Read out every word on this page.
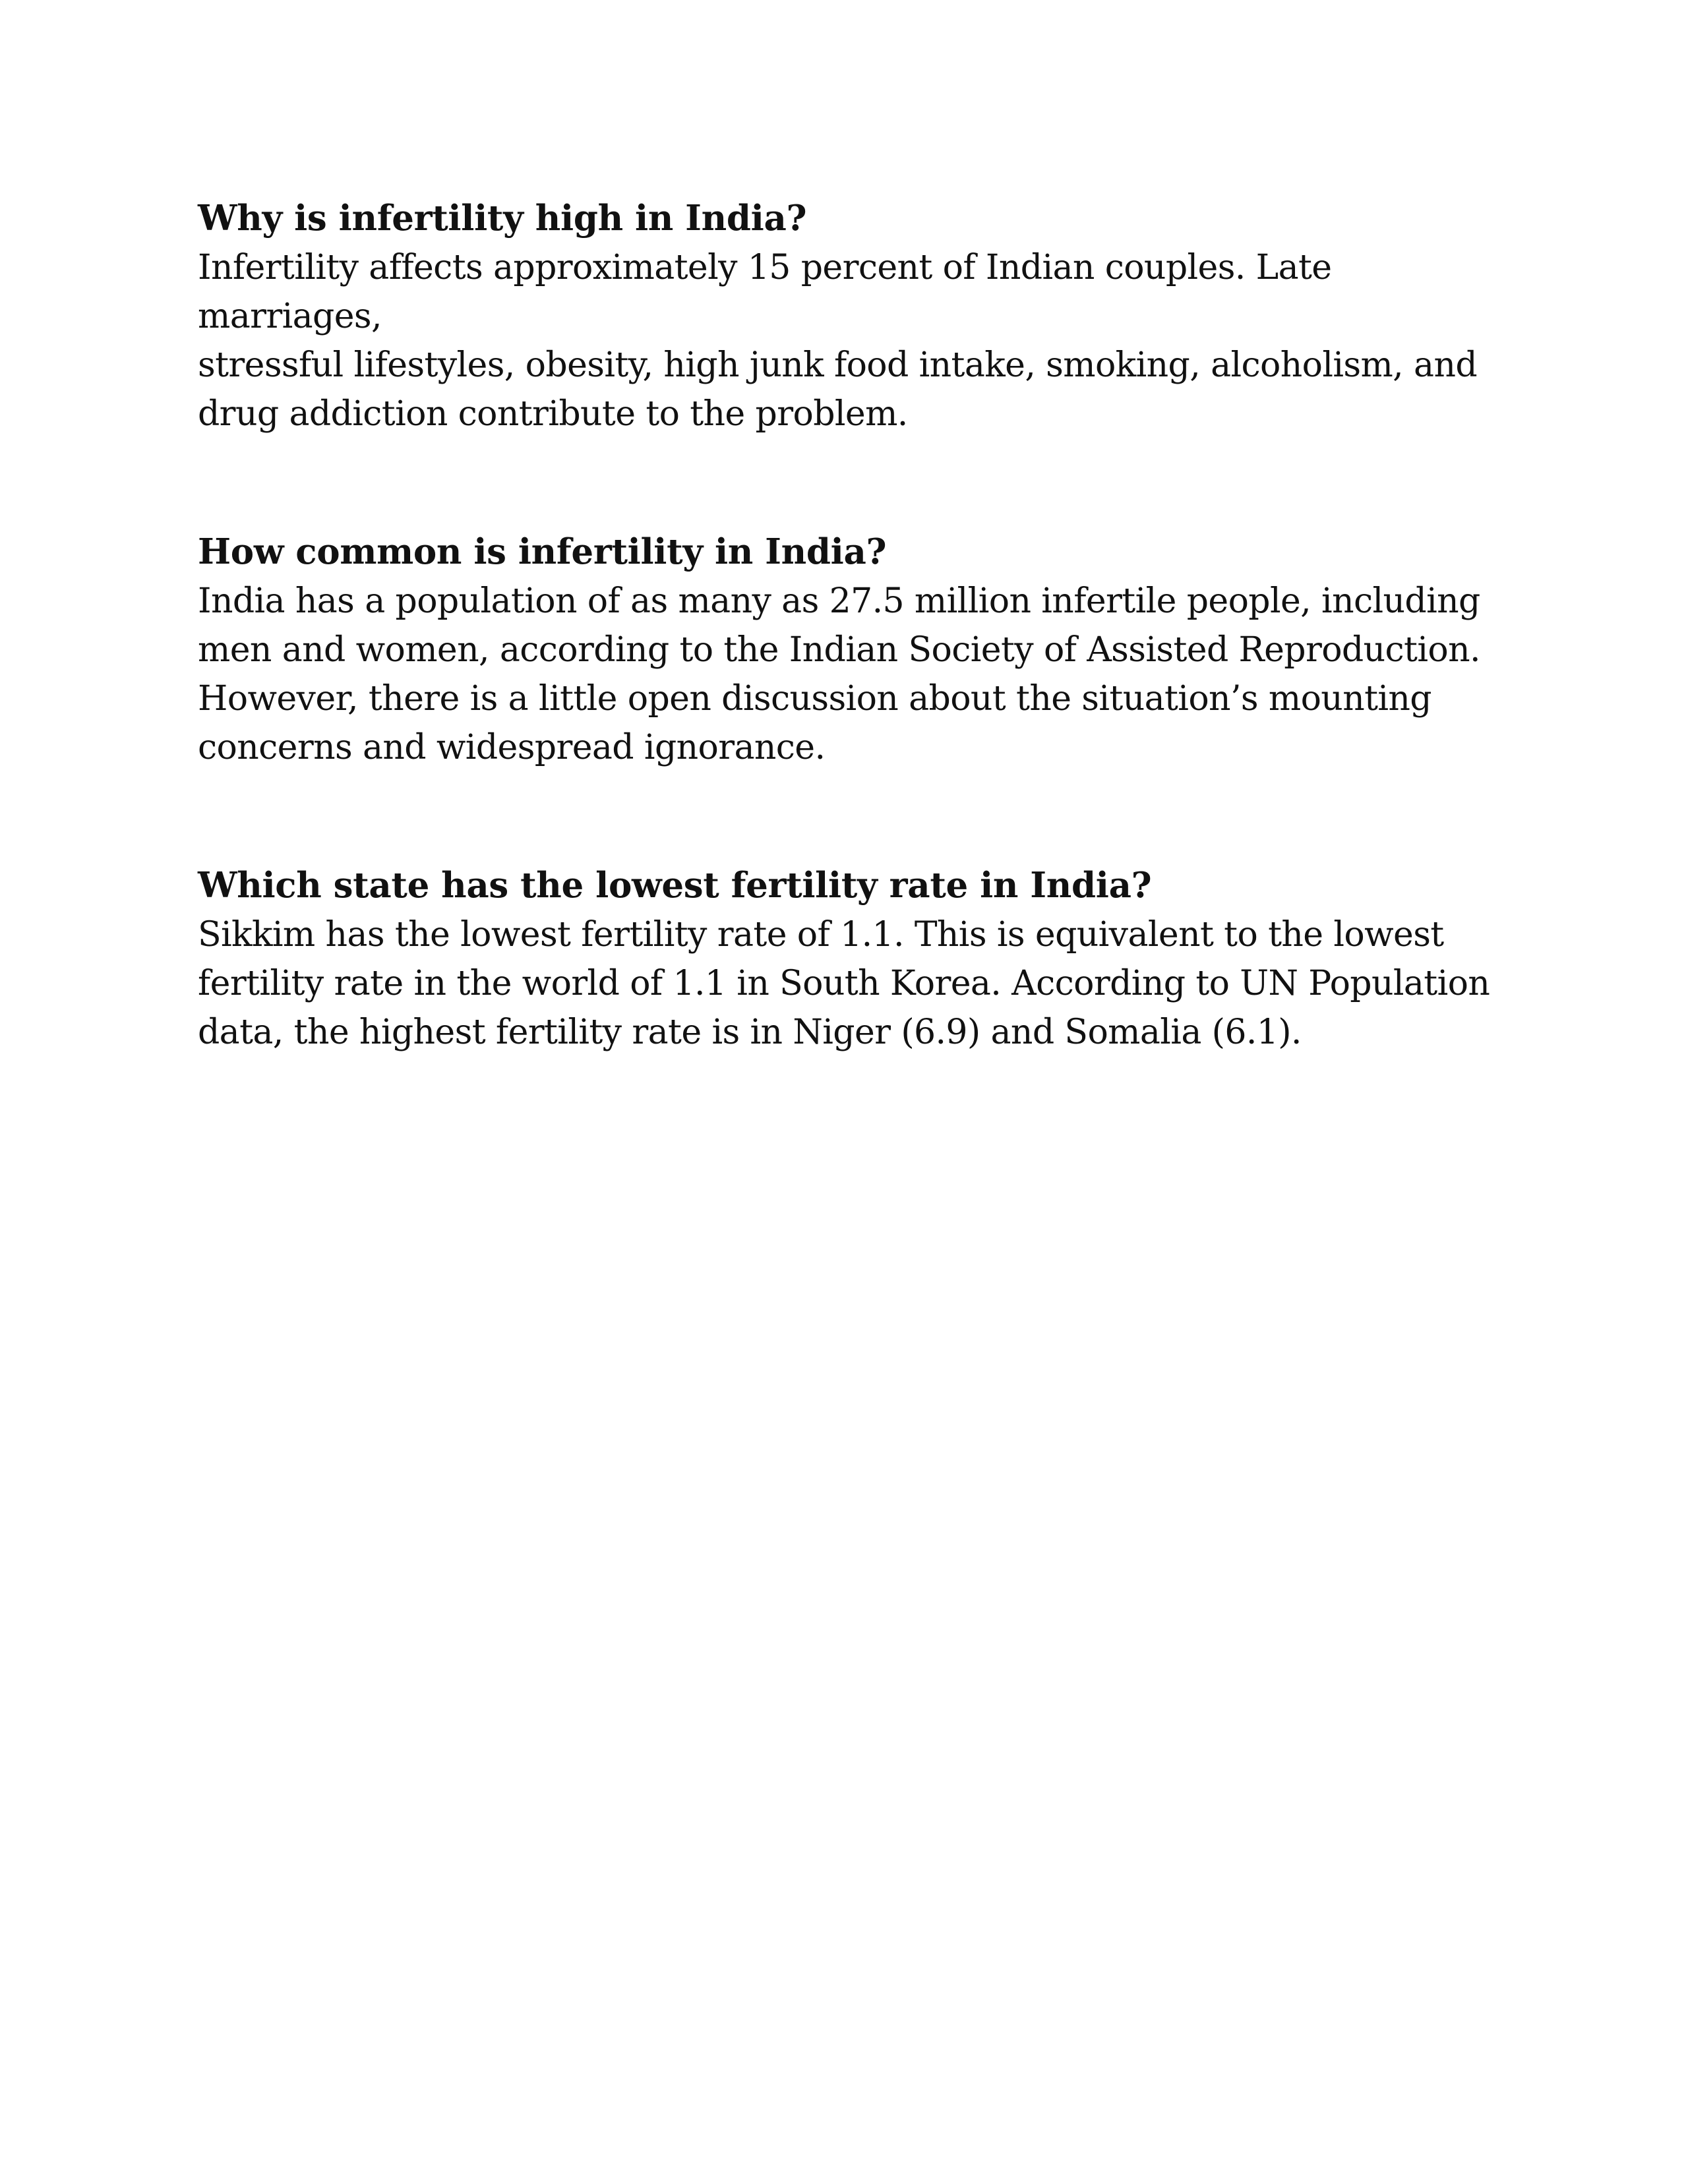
Why is infertility high in India?

Infertility affects approximately 15 percent of Indian couples. Late marriages,
stressful lifestyles, obesity, high junk food intake, smoking, alcoholism, and
drug addiction contribute to the problem.

How common is infertility in India?

India has a population of as many as 27.5 million infertile people, including
men and women, according to the Indian Society of Assisted Reproduction.
However, there is a little open discussion about the situation’s mounting
concerns and widespread ignorance.

Which state has the lowest fertility rate in India?

Sikkim has the lowest fertility rate of 1.1. This is equivalent to the lowest
fertility rate in the world of 1.1 in South Korea. According to UN Population
data, the highest fertility rate is in Niger (6.9) and Somalia (6.1).
